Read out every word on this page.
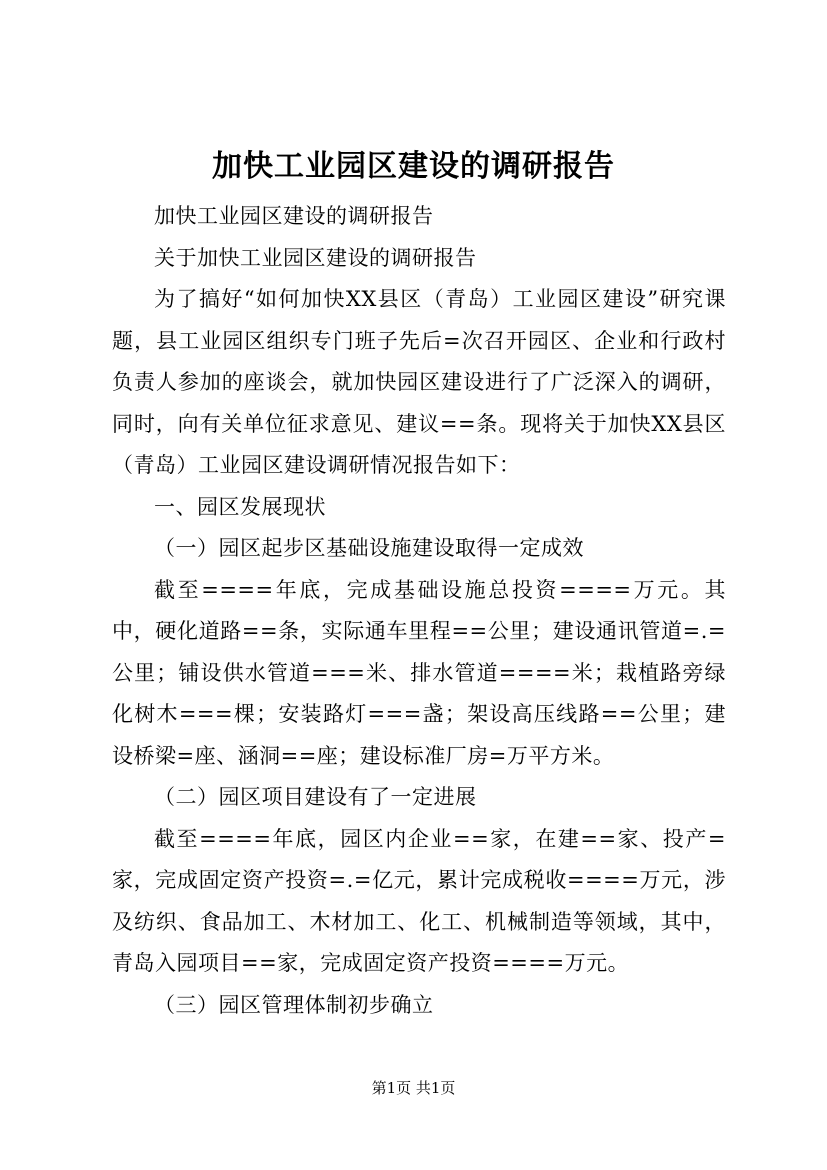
加快工业园区建设的调研报告

加快工业园区建设的调研报告

关于加快工业园区建设的调研报告

为了搞好“如何加快XX县区（青岛）工业园区建设”研究课题，县工业园区组织专门班子先后=次召开园区、企业和行政村负责人参加的座谈会，就加快园区建设进行了广泛深入的调研，同时，向有关单位征求意见、建议==条。现将关于加快XX县区（青岛）工业园区建设调研情况报告如下：

一、园区发展现状

（一）园区起步区基础设施建设取得一定成效

截至====年底，完成基础设施总投资====万元。其中，硬化道路==条，实际通车里程==公里；建设通讯管道=.=公里；铺设供水管道===米、排水管道====米；栽植路旁绿化树木===棵；安装路灯===盏；架设高压线路==公里；建设桥梁=座、涵洞==座；建设标准厂房=万平方米。

（二）园区项目建设有了一定进展

截至====年底，园区内企业==家，在建==家、投产=家，完成固定资产投资=.=亿元，累计完成税收====万元，涉及纺织、食品加工、木材加工、化工、机械制造等领域，其中，青岛入园项目==家，完成固定资产投资====万元。

（三）园区管理体制初步确立

第1页 共1页
